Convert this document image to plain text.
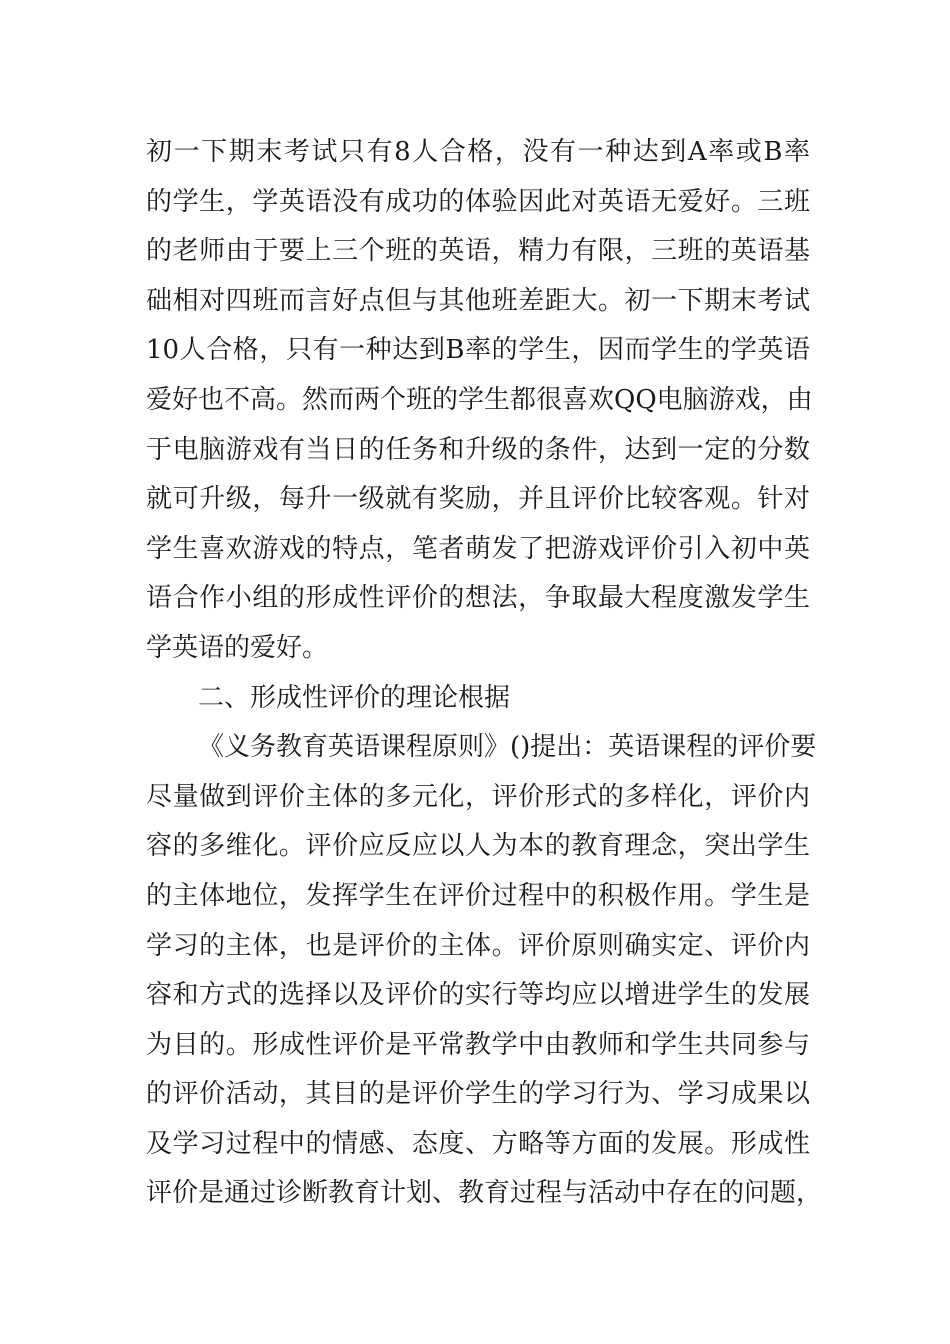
初一下期末考试只有8人合格，没有一种达到A率或B率
的学生，学英语没有成功的体验因此对英语无爱好。三班
的老师由于要上三个班的英语，精力有限，三班的英语基
础相对四班而言好点但与其他班差距大。初一下期末考试
10人合格，只有一种达到B率的学生，因而学生的学英语
爱好也不高。然而两个班的学生都很喜欢QQ电脑游戏，由
于电脑游戏有当日的任务和升级的条件，达到一定的分数
就可升级，每升一级就有奖励，并且评价比较客观。针对
学生喜欢游戏的特点，笔者萌发了把游戏评价引入初中英
语合作小组的形成性评价的想法，争取最大程度激发学生
学英语的爱好。
二、形成性评价的理论根据
《义务教育英语课程原则》()提出：英语课程的评价要
尽量做到评价主体的多元化，评价形式的多样化，评价内
容的多维化。评价应反应以人为本的教育理念，突出学生
的主体地位，发挥学生在评价过程中的积极作用。学生是
学习的主体，也是评价的主体。评价原则确实定、评价内
容和方式的选择以及评价的实行等均应以增进学生的发展
为目的。形成性评价是平常教学中由教师和学生共同参与
的评价活动，其目的是评价学生的学习行为、学习成果以
及学习过程中的情感、态度、方略等方面的发展。形成性
评价是通过诊断教育计划、教育过程与活动中存在的问题，
